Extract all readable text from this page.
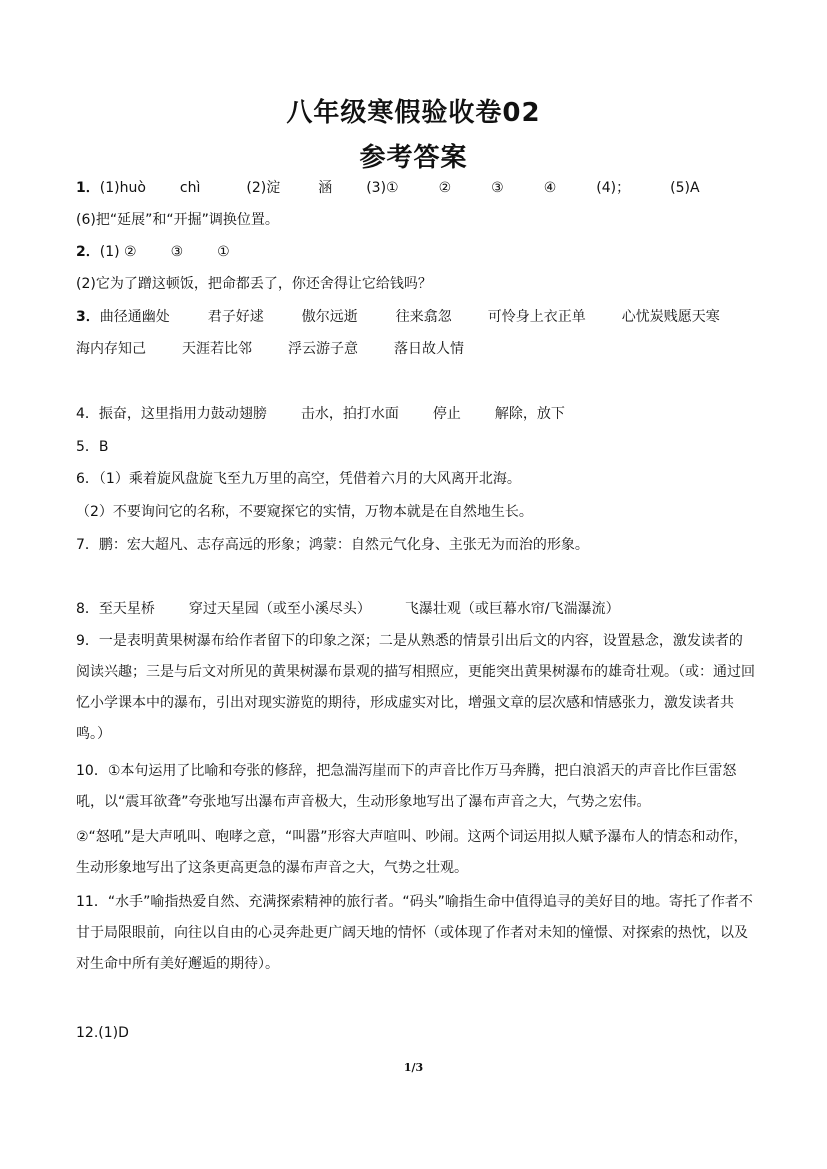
八年级寒假验收卷02
参考答案
1．(1)huò chì	(2)淀	涵 (3)①	②	③	④	(4)；	(5)A
(6)把“延展”和“开掘”调换位置。
2．(1) ② ③ ①
(2)它为了蹭这顿饭，把命都丢了，你还舍得让它给钱吗？
3．曲径通幽处	君子好逑	傲尔远逝	往来翕忽	可怜身上衣正单	心忧炭贱愿天寒
海内存知己	天涯若比邻	浮云游子意	落日故人情
4．振奋，这里指用力鼓动翅膀 击水，拍打水面 停止 解除，放下
5．B
6．（1）乘着旋风盘旋飞至九万里的高空，凭借着六月的大风离开北海。
（2）不要询问它的名称，不要窥探它的实情，万物本就是在自然地生长。
7．鹏：宏大超凡、志存高远的形象；鸿蒙：自然元气化身、主张无为而治的形象。
8．至天星桥 穿过天星园（或至小溪尽头） 飞瀑壮观（或巨幕水帘/飞湍瀑流）
9．一是表明黄果树瀑布给作者留下的印象之深；二是从熟悉的情景引出后文的内容，设置悬念，激发读者的阅读兴趣；三是与后文对所见的黄果树瀑布景观的描写相照应，更能突出黄果树瀑布的雄奇壮观。（或：通过回忆小学课本中的瀑布，引出对现实游览的期待，形成虚实对比，增强文章的层次感和情感张力，激发读者共鸣。）
10．①本句运用了比喻和夸张的修辞，把急湍泻崖而下的声音比作万马奔腾，把白浪滔天的声音比作巨雷怒吼，以“震耳欲聋”夸张地写出瀑布声音极大，生动形象地写出了瀑布声音之大，气势之宏伟。
②“怒吼”是大声吼叫、咆哮之意，“叫嚣”形容大声喧叫、吵闹。这两个词运用拟人赋予瀑布人的情态和动作，生动形象地写出了这条更高更急的瀑布声音之大，气势之壮观。
11．“水手”喻指热爱自然、充满探索精神的旅行者。“码头”喻指生命中值得追寻的美好目的地。寄托了作者不甘于局限眼前，向往以自由的心灵奔赴更广阔天地的情怀（或体现了作者对未知的憧憬、对探索的热忱，以及对生命中所有美好邂逅的期待）。
12.(1)D
1/3
